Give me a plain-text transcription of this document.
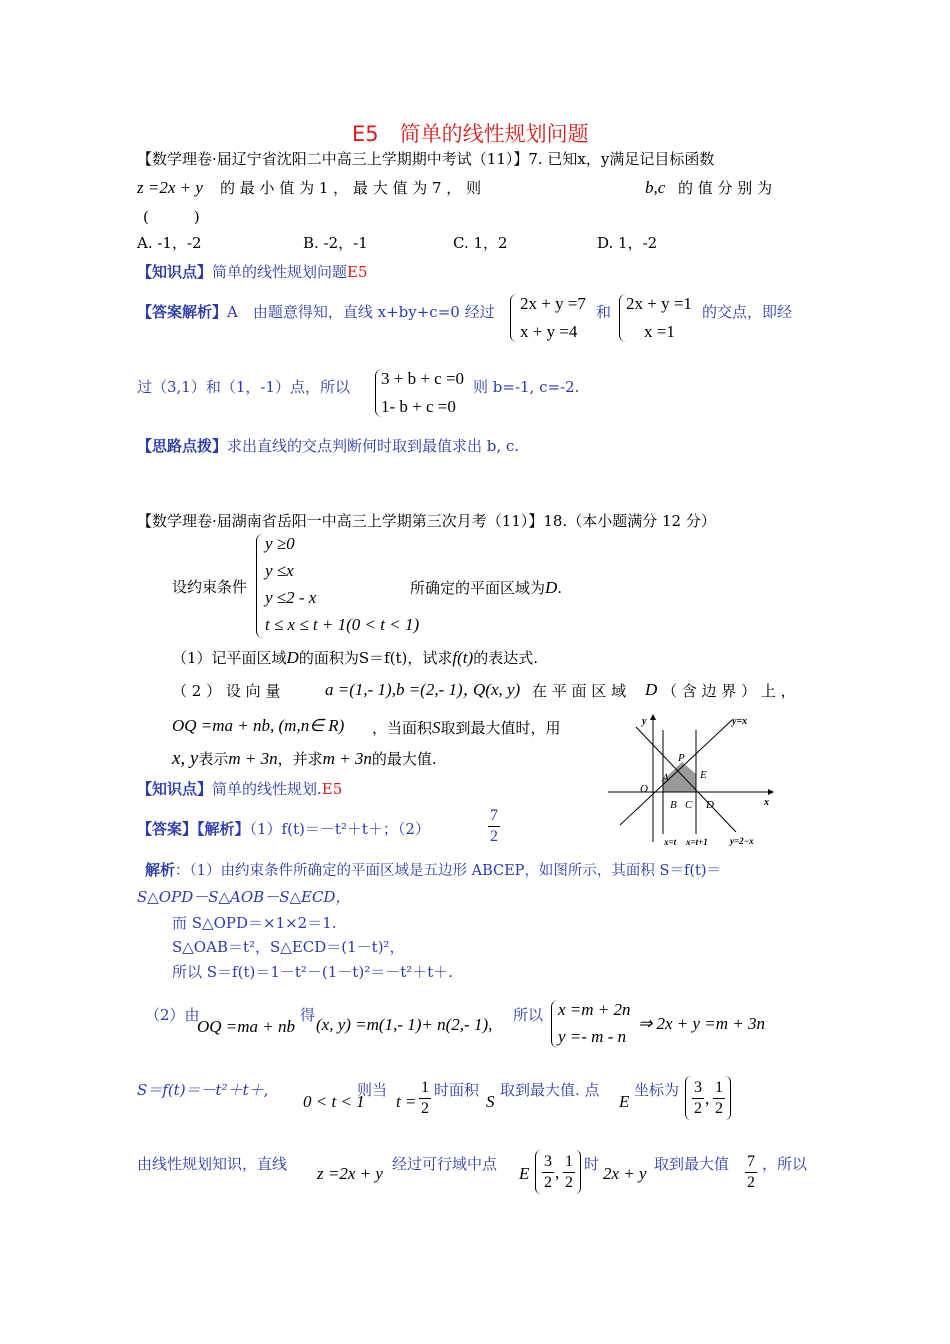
E5　简单的线性规划问题
【数学理卷·届辽宁省沈阳二中高三上学期期中考试（11）】7. 已知x，y满足记目标函数
z =2x + y 的 最 小 值 为 1 ， 最 大 值 为 7 ， 则	b,c 的 值 分 别 为
(　　　)
A. -1，-2	B. -2，-1	C. 1，2	D. 1，-2
【知识点】简单的线性规划问题E5
【答案解析】A　由题意得知，直线 x+by+c=0 经过 2x + y =7
x + y =4
和 2x + y =1
x =1
的交点，即经
过（3,1）和（1，-1）点，所以 3 + b + c =0
1- b + c =0
则 b=-1, c=-2.
【思路点拨】求出直线的交点判断何时取到最值求出 b, c.
【数学理卷·届湖南省岳阳一中高三上学期第三次月考（11）】18.（本小题满分 12 分）
设约束条件
y ≥0
y ≤x
y ≤2 - x
t ≤ x ≤ t + 1(0 < t < 1)
所确定的平面区域为D.
（1）记平面区域D的面积为S＝f(t)，试求f(t)的表达式.
（ 2 ） 设 向 量	a =(1,- 1),b =(2,- 1)，
Q(x, y) 在 平 面 区 域 D （ 含 边 界 ） 上 ，
OQ =ma + nb, (m,n∈ R) ，当面积S取到最大值时，用
x, y表示m + 3n，并求m + 3n的最大值.
【知识点】简单的线性规划.E5
【答案】【解析】（1）f(t)＝－t²＋t＋；（2）
7
2
y	y=x
x
O
A
P
E
B C D
x=t x=t+1 y=2−x
解析：（1）由约束条件所确定的平面区域是五边形 ABCEP，如图所示，其面积 S＝f(t)＝
S△OPD－S△AOB－S△ECD，
而 S△OPD＝×1×2＝1.
S△OAB＝t²，S△ECD＝(1－t)²，
所以 S＝f(t)＝1－t²－(1－t)²＝－t²＋t＋.
（2）由
OQ =ma + nb
得 (x, y) =m(1,- 1)+ n(2,- 1), 所以 x =m + 2n
y =- m - n
⇒ 2x + y =m + 3n
S＝f(t)＝－t²＋t＋,
0 < t < 1
则当
t =
1
2
时面积
S
取到最大值. 点
E
坐标为 3
2
,
1
2
由线性规划知识，直线 z =2x + y 经过可行域中点 E
3
2
,
1
2
时 2x + y 取到最大值 7
2
，所以
